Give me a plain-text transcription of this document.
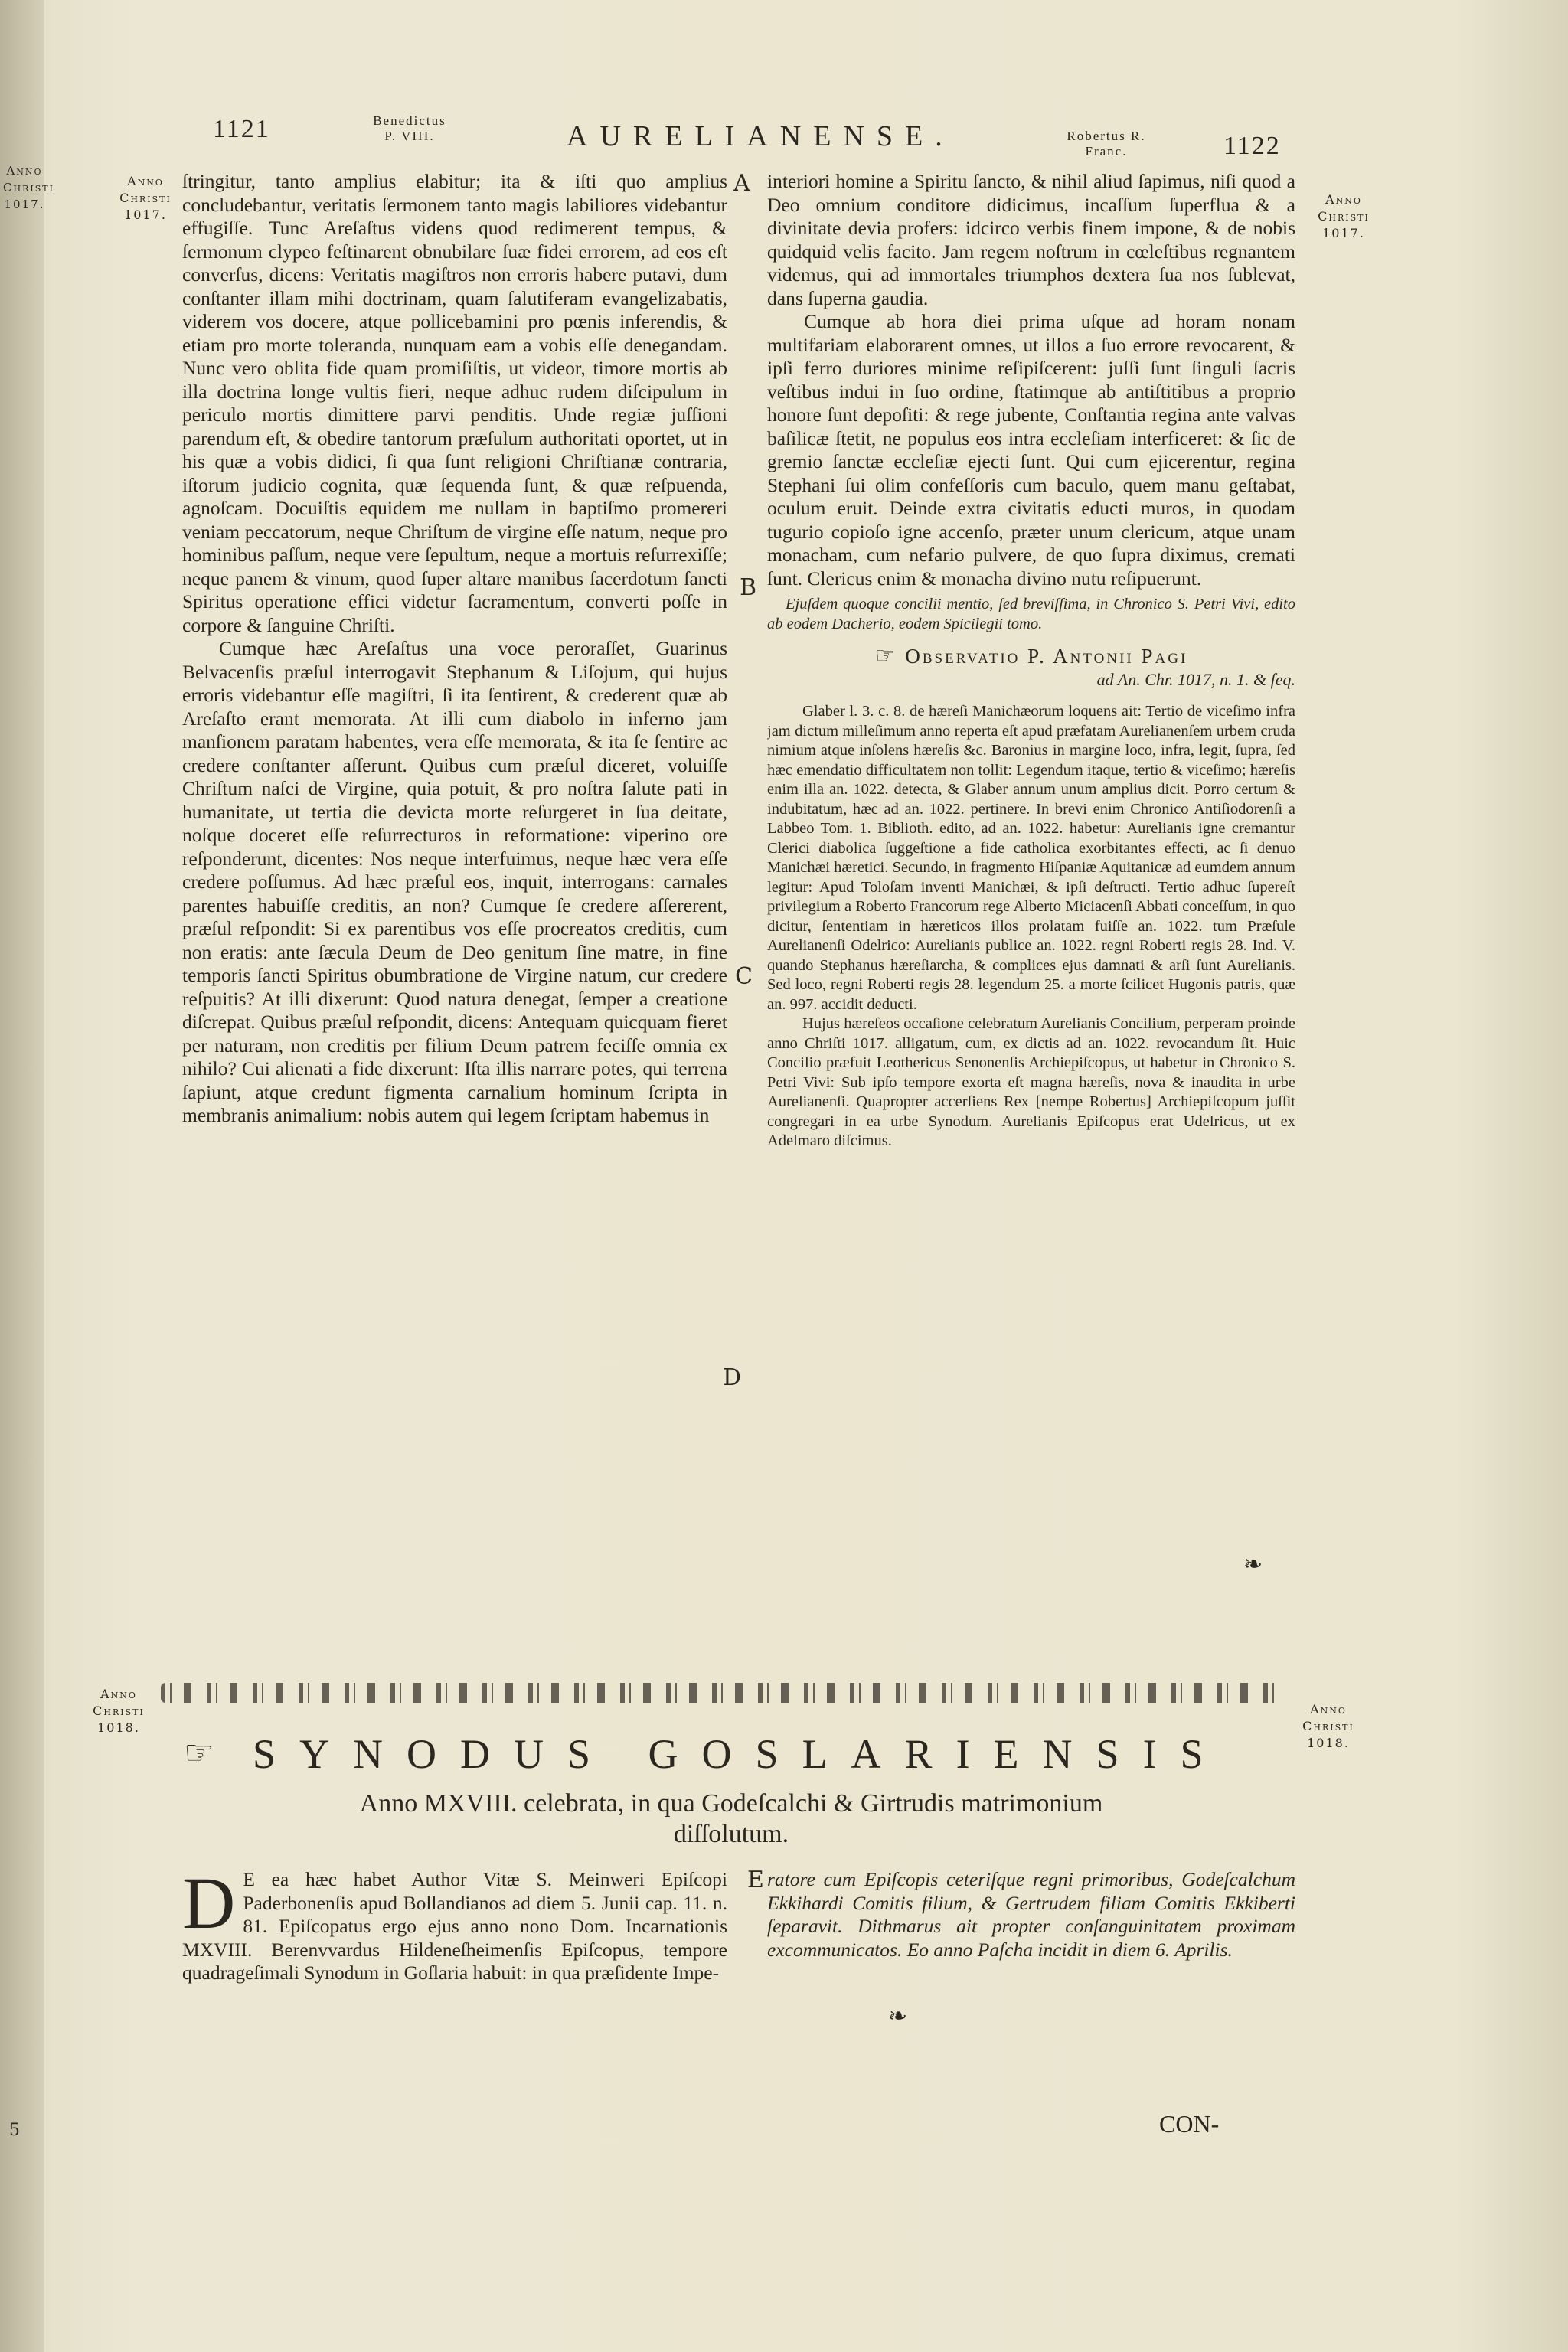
Anno
Christi
1017.
5
1121	Benedictus
P. VIII.	AURELIANENSE.	Robertus R.
Franc.	1122
Anno
Christi
1017.
Anno
Christi
1017.
Anno
Christi
1018.
Anno
Christi
1018.
A
B
C
D
E

ſtringitur, tanto amplius elabitur; ita & iſti quo amplius concludebantur, veritatis ſermonem tanto magis labiliores videbantur effugiſſe. Tunc Areſaſtus videns quod redimerent tempus, & ſermonum clypeo feſtinarent obnubilare ſuæ fidei errorem, ad eos eſt converſus, dicens: Veritatis magiſtros non erroris habere putavi, dum conſtanter illam mihi doctrinam, quam ſalutiferam evangelizabatis, viderem vos docere, atque pollicebamini pro pœnis inferendis, & etiam pro morte toleranda, nunquam eam a vobis eſſe denegandam. Nunc vero oblita fide quam promiſiſtis, ut videor, timore mortis ab illa doctrina longe vultis fieri, neque adhuc rudem diſcipulum in periculo mortis dimittere parvi penditis. Unde regiæ juſſioni parendum eſt, & obedire tantorum præſulum authoritati oportet, ut in his quæ a vobis didici, ſi qua ſunt religioni Chriſtianæ contraria, iſtorum judicio cognita, quæ ſequenda ſunt, & quæ reſpuenda, agnoſcam. Docuiſtis equidem me nullam in baptiſmo promereri veniam peccatorum, neque Chriſtum de virgine eſſe natum, neque pro hominibus paſſum, neque vere ſepultum, neque a mortuis reſurrexiſſe; neque panem & vinum, quod ſuper altare manibus ſacerdotum ſancti Spiritus operatione effici videtur ſacramentum, converti poſſe in corpore & ſanguine Chriſti.

Cumque hæc Areſaſtus una voce peroraſſet, Guarinus Belvacenſis præſul interrogavit Stephanum & Liſojum, qui hujus erroris videbantur eſſe magiſtri, ſi ita ſentirent, & crederent quæ ab Areſaſto erant memorata. At illi cum diabolo in inferno jam manſionem paratam habentes, vera eſſe memorata, & ita ſe ſentire ac credere conſtanter aſſerunt. Quibus cum præſul diceret, voluiſſe Chriſtum naſci de Virgine, quia potuit, & pro noſtra ſalute pati in humanitate, ut tertia die devicta morte reſurgeret in ſua deitate, noſque doceret eſſe reſurrecturos in reformatione: viperino ore reſponderunt, dicentes: Nos neque interfuimus, neque hæc vera eſſe credere poſſumus. Ad hæc præſul eos, inquit, interrogans: carnales parentes habuiſſe creditis, an non? Cumque ſe credere aſſererent, præſul reſpondit: Si ex parentibus vos eſſe procreatos creditis, cum non eratis: ante ſæcula Deum de Deo genitum ſine matre, in fine temporis ſancti Spiritus obumbratione de Virgine natum, cur credere reſpuitis? At illi dixerunt: Quod natura denegat, ſemper a creatione diſcrepat. Quibus præſul reſpondit, dicens: Antequam quicquam fieret per naturam, non creditis per filium Deum patrem feciſſe omnia ex nihilo? Cui alienati a fide dixerunt: Iſta illis narrare potes, qui terrena ſapiunt, atque credunt figmenta carnalium hominum ſcripta in membranis animalium: nobis autem qui legem ſcriptam habemus in

interiori homine a Spiritu ſancto, & nihil aliud ſapimus, niſi quod a Deo omnium conditore didicimus, incaſſum ſuperflua & a divinitate devia profers: idcirco verbis finem impone, & de nobis quidquid velis facito. Jam regem noſtrum in cœleſtibus regnantem videmus, qui ad immortales triumphos dextera ſua nos ſublevat, dans ſuperna gaudia.

Cumque ab hora diei prima uſque ad horam nonam multifariam elaborarent omnes, ut illos a ſuo errore revocarent, & ipſi ferro duriores minime reſipiſcerent: juſſi ſunt ſinguli ſacris veſtibus indui in ſuo ordine, ſtatimque ab antiſtitibus a proprio honore ſunt depoſiti: & rege jubente, Conſtantia regina ante valvas baſilicæ ſtetit, ne populus eos intra eccleſiam interficeret: & ſic de gremio ſanctæ eccleſiæ ejecti ſunt. Qui cum ejicerentur, regina Stephani ſui olim confeſſoris cum baculo, quem manu geſtabat, oculum eruit. Deinde extra civitatis educti muros, in quodam tugurio copioſo igne accenſo, præter unum clericum, atque unam monacham, cum nefario pulvere, de quo ſupra diximus, cremati ſunt. Clericus enim & monacha divino nutu reſipuerunt.

Ejuſdem quoque concilii mentio, ſed breviſſima, in Chronico S. Petri Vivi, edito ab eodem Dacherio, eodem Spicilegii tomo.
☞ Observatio P. Antonii Pagi
ad An. Chr. 1017, n. 1. & ſeq.

Glaber l. 3. c. 8. de hæreſi Manichæorum loquens ait: Tertio de viceſimo infra jam dictum milleſimum anno reperta eſt apud præfatam Aurelianenſem urbem cruda nimium atque inſolens hæreſis &c. Baronius in margine loco, infra, legit, ſupra, ſed hæc emendatio difficultatem non tollit: Legendum itaque, tertio & viceſimo; hæreſis enim illa an. 1022. detecta, & Glaber annum unum amplius dicit. Porro certum & indubitatum, hæc ad an. 1022. pertinere. In brevi enim Chronico Antiſiodorenſi a Labbeo Tom. 1. Biblioth. edito, ad an. 1022. habetur: Aurelianis igne cremantur Clerici diabolica ſuggeſtione a fide catholica exorbitantes effecti, ac ſi denuo Manichæi hæretici. Secundo, in fragmento Hiſpaniæ Aquitanicæ ad eumdem annum legitur: Apud Toloſam inventi Manichæi, & ipſi deſtructi. Tertio adhuc ſupereſt privilegium a Roberto Francorum rege Alberto Miciacenſi Abbati conceſſum, in quo dicitur, ſententiam in hæreticos illos prolatam fuiſſe an. 1022. tum Præſule Aurelianenſi Odelrico: Aurelianis publice an. 1022. regni Roberti regis 28. Ind. V. quando Stephanus hæreſiarcha, & complices ejus damnati & arſi ſunt Aurelianis. Sed loco, regni Roberti regis 28. legendum 25. a morte ſcilicet Hugonis patris, quæ an. 997. accidit deducti.

Hujus hæreſeos occaſione celebratum Aurelianis Concilium, perperam proinde anno Chriſti 1017. alligatum, cum, ex dictis ad an. 1022. revocandum ſit. Huic Concilio præfuit Leothericus Senonenſis Archiepiſcopus, ut habetur in Chronico S. Petri Vivi: Sub ipſo tempore exorta eſt magna hæreſis, nova & inaudita in urbe Aurelianenſi. Quapropter accerſiens Rex [nempe Robertus] Archiepiſcopum juſſit congregari in ea urbe Synodum. Aurelianis Epiſcopus erat Udelricus, ut ex Adelmaro diſcimus.

❧
☞ SYNODUS GOSLARIENSIS
Anno MXVIII. celebrata, in qua Godeſcalchi & Girtrudis matrimonium
diſſolutum.
D E ea hæc habet Author Vitæ S. Meinweri Epiſcopi Paderbonenſis apud Bollandianos ad diem 5. Junii cap. 11. n. 81. Epiſcopatus ergo ejus anno nono Dom. Incarnationis MXVIII. Berenvvardus Hildeneſheimenſis Epiſcopus, tempore quadrageſimali Synodum in Goſlaria habuit: in qua præſidente Impe-

ratore cum Epiſcopis ceteriſque regni primoribus, Godeſcalchum Ekkihardi Comitis filium, & Gertrudem filiam Comitis Ekkiberti ſeparavit. Dithmarus ait propter conſanguinitatem proximam excommunicatos. Eo anno Paſcha incidit in diem 6. Aprilis.

❧
CON-
